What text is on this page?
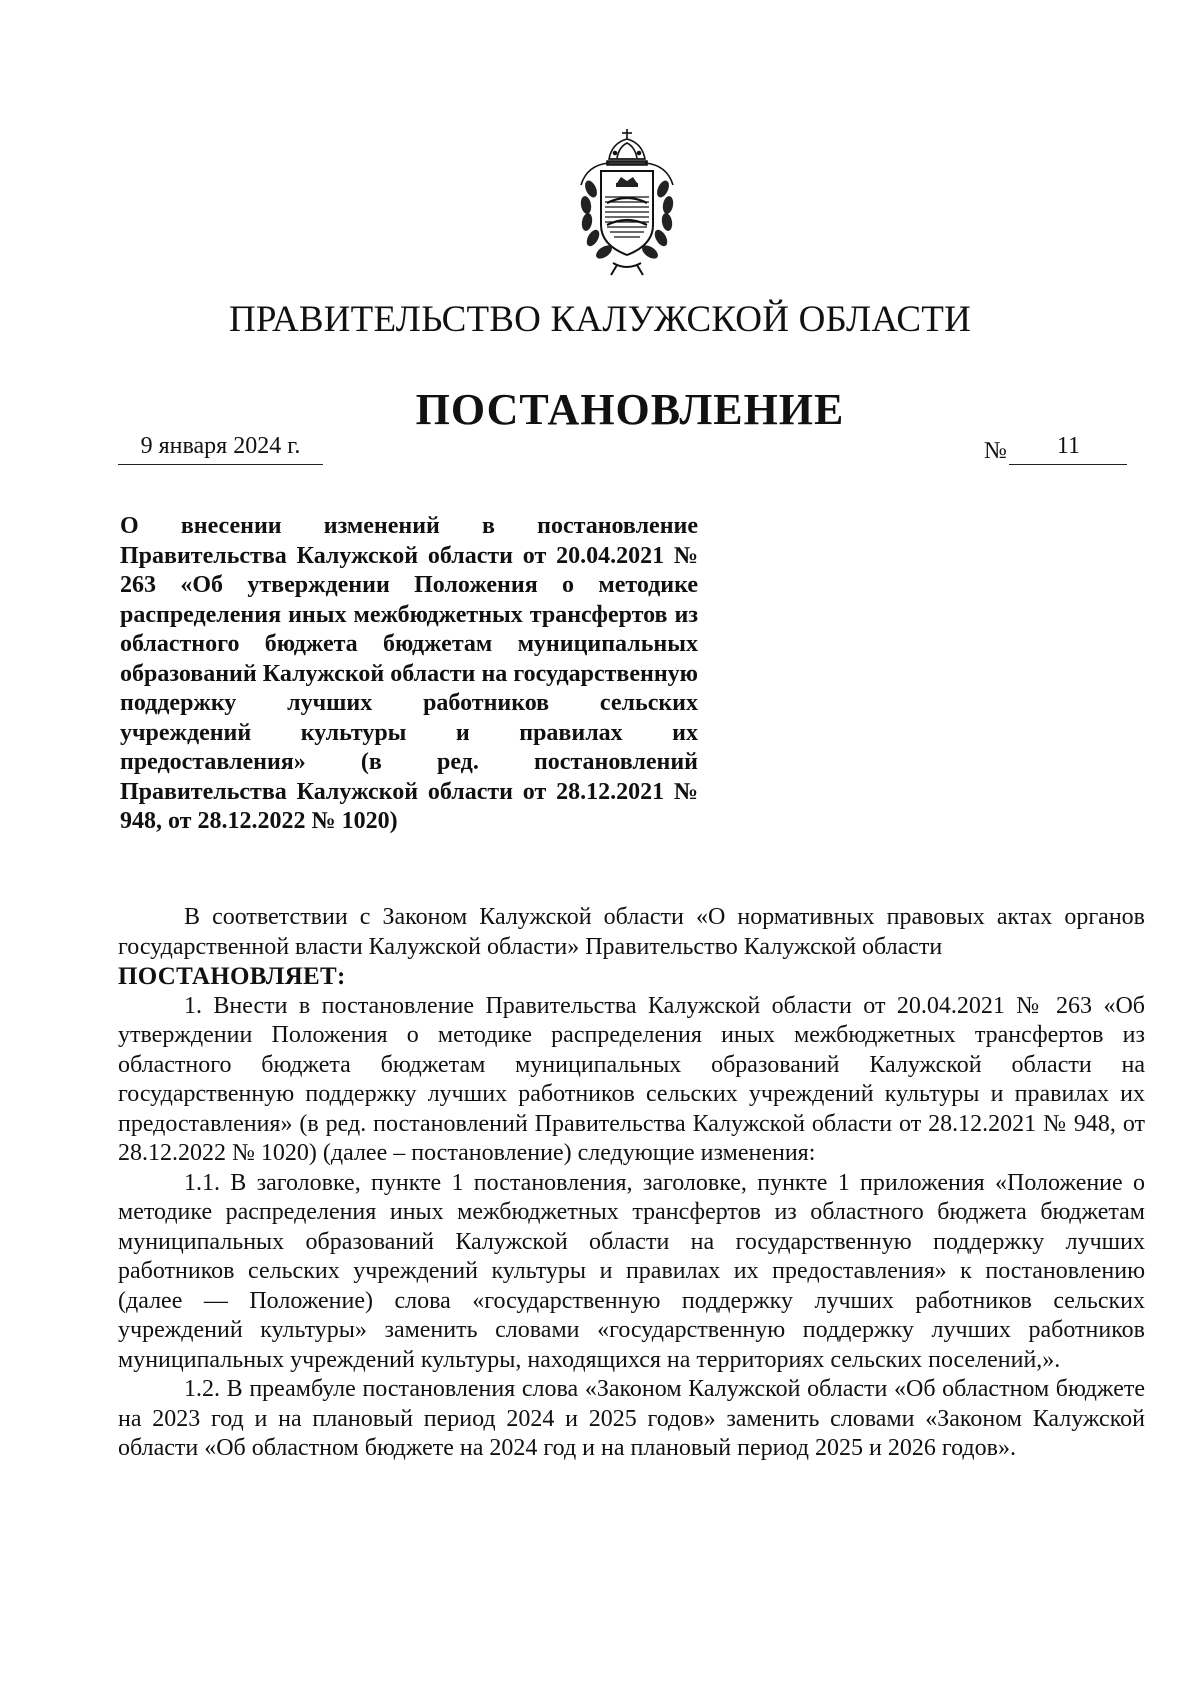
ПРАВИТЕЛЬСТВО КАЛУЖСКОЙ ОБЛАСТИ
ПОСТАНОВЛЕНИЕ
9 января 2024 г.	№	11
О внесении изменений в постановление Правительства Калужской области от 20.04.2021 № 263 «Об утверждении Положения о методике распределения иных межбюджетных трансфертов из областного бюджета бюджетам муниципальных образований Калужской области на государственную поддержку лучших работников сельских учреждений культуры и правилах их предоставления» (в ред. постановлений Правительства Калужской области от 28.12.2021 № 948, от 28.12.2022 № 1020)

В соответствии с Законом Калужской области «О нормативных правовых актах органов государственной власти Калужской области» Правительство Калужской области

ПОСТАНОВЛЯЕТ:

1. Внести в постановление Правительства Калужской области от 20.04.2021 № 263 «Об утверждении Положения о методике распределения иных межбюджетных трансфертов из областного бюджета бюджетам муниципальных образований Калужской области на государственную поддержку лучших работников сельских учреждений культуры и правилах их предоставления» (в ред. постановлений Правительства Калужской области от 28.12.2021 № 948, от 28.12.2022 № 1020) (далее – постановление) следующие изменения:

1.1. В заголовке, пункте 1 постановления, заголовке, пункте 1 приложения «Положение о методике распределения иных межбюджетных трансфертов из областного бюджета бюджетам муниципальных образований Калужской области на государственную поддержку лучших работников сельских учреждений культуры и правилах их предоставления» к постановлению (далее — Положение) слова «государственную поддержку лучших работников сельских учреждений культуры» заменить словами «государственную поддержку лучших работников муниципальных учреждений культуры, находящихся на территориях сельских поселений,».

1.2. В преамбуле постановления слова «Законом Калужской области «Об областном бюджете на 2023 год и на плановый период 2024 и 2025 годов» заменить словами «Законом Калужской области «Об областном бюджете на 2024 год и на плановый период 2025 и 2026 годов».
